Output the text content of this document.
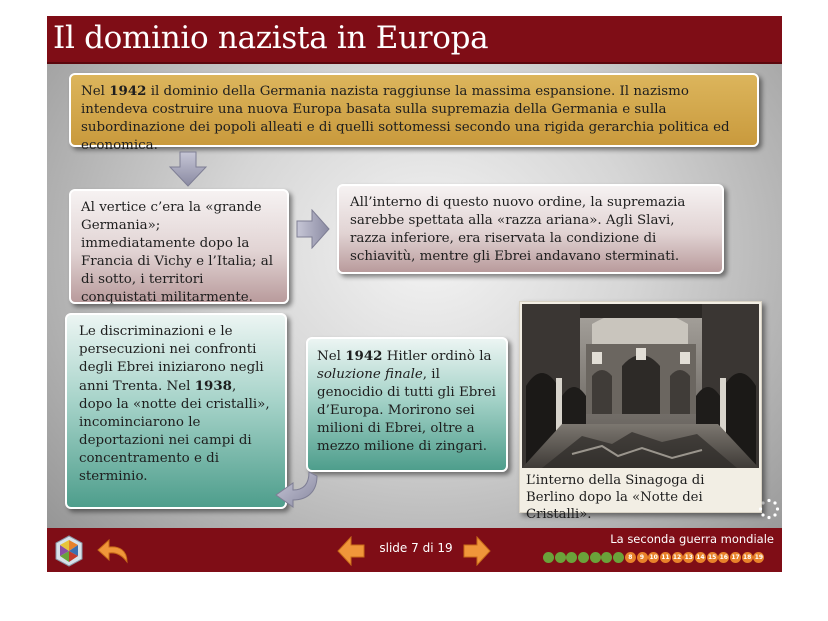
Il dominio nazista in Europa

Nel 1942 il dominio della Germania nazista raggiunse la massima espansione. Il nazismo intendeva costruire una nuova Europa basata sulla supremazia della Germania e sulla subordinazione dei popoli alleati e di quelli sottomessi secondo una rigida gerarchia politica ed economica.

Al vertice c’era la «grande Germania»; immediatamente dopo la Francia di Vichy e l’Italia; al di sotto, i territori conquistati militarmente.

All’interno di questo nuovo ordine, la supremazia sarebbe spettata alla «razza ariana». Agli Slavi, razza inferiore, era riservata la condizione di schiavitù, mentre gli Ebrei andavano sterminati.

Le discriminazioni e le persecuzioni nei confronti degli Ebrei iniziarono negli anni Trenta. Nel 1938, dopo la «notte dei cristalli», incominciarono le deportazioni nei campi di concentramento e di sterminio.

Nel 1942 Hitler ordinò la soluzione finale, il genocidio di tutti gli Ebrei d’Europa. Morirono sei milioni di Ebrei, oltre a mezzo milione di zingari.

L’interno della Sinagoga di Berlino dopo la «Notte dei Cristalli».
slide 7 di 19
La seconda guerra mondiale
8	9 10 11 12 13 14 15 16 17 18 19
